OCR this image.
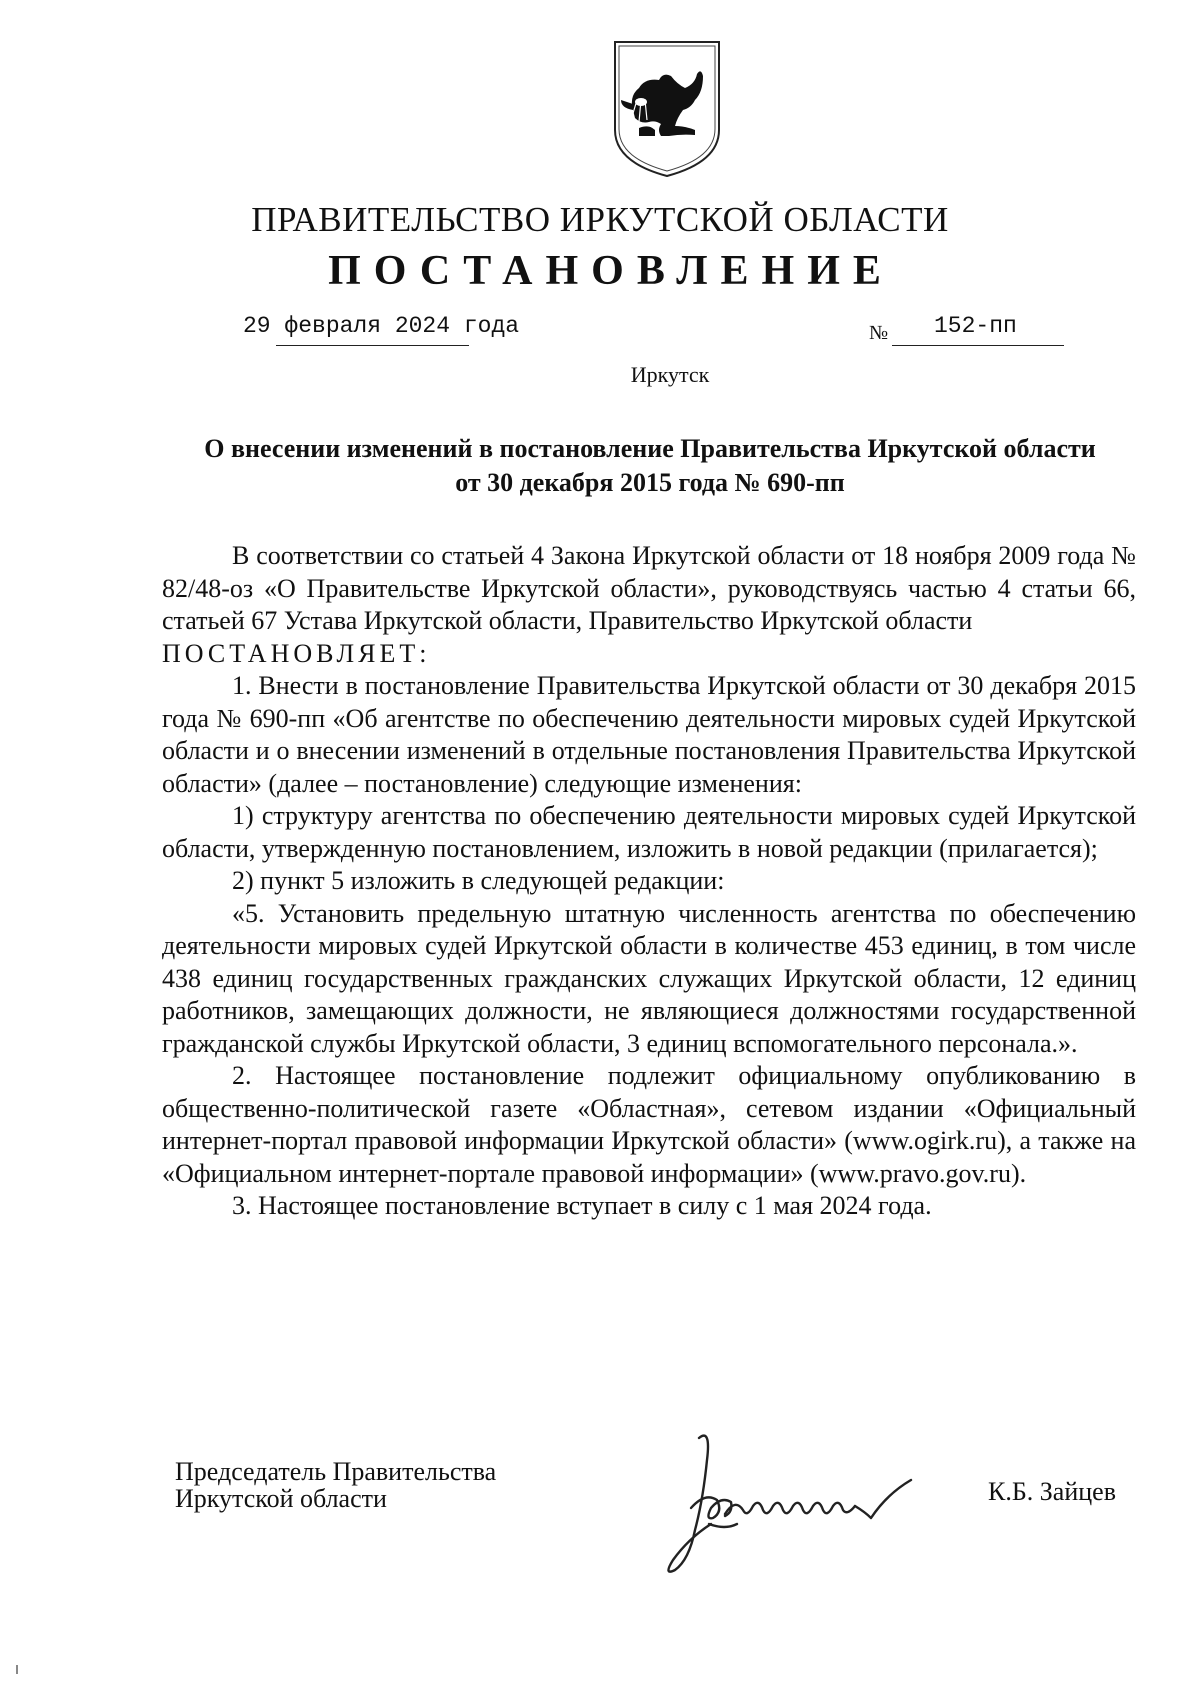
ПРАВИТЕЛЬСТВО ИРКУТСКОЙ ОБЛАСТИ

ПОСТАНОВЛЕНИЕ

29 февраля 2024 года	№ 152-пп

Иркутск

О внесении изменений в постановление Правительства Иркутской области
от 30 декабря 2015 года № 690-пп

В соответствии со статьей 4 Закона Иркутской области от 18 ноября 2009 года № 82/48-оз «О Правительстве Иркутской области», руководствуясь частью 4 статьи 66, статьей 67 Устава Иркутской области, Правительство Иркутской области

ПОСТАНОВЛЯЕТ:

1. Внести в постановление Правительства Иркутской области от 30 декабря 2015 года № 690-пп «Об агентстве по обеспечению деятельности мировых судей Иркутской области и о внесении изменений в отдельные постановления Правительства Иркутской области» (далее – постановление) следующие изменения:

1) структуру агентства по обеспечению деятельности мировых судей Иркутской области, утвержденную постановлением, изложить в новой редакции (прилагается);

2) пункт 5 изложить в следующей редакции:

«5. Установить предельную штатную численность агентства по обеспечению деятельности мировых судей Иркутской области в количестве 453 единиц, в том числе 438 единиц государственных гражданских служащих Иркутской области, 12 единиц работников, замещающих должности, не являющиеся должностями государственной гражданской службы Иркутской области, 3 единиц вспомогательного персонала.».

2. Настоящее постановление подлежит официальному опубликованию в общественно-политической газете «Областная», сетевом издании «Официальный интернет-портал правовой информации Иркутской области» (www.ogirk.ru), а также на «Официальном интернет-портале правовой информации» (www.pravo.gov.ru).

3. Настоящее постановление вступает в силу с 1 мая 2024 года.

Председатель Правительства
Иркутской области	К.Б. Зайцев
